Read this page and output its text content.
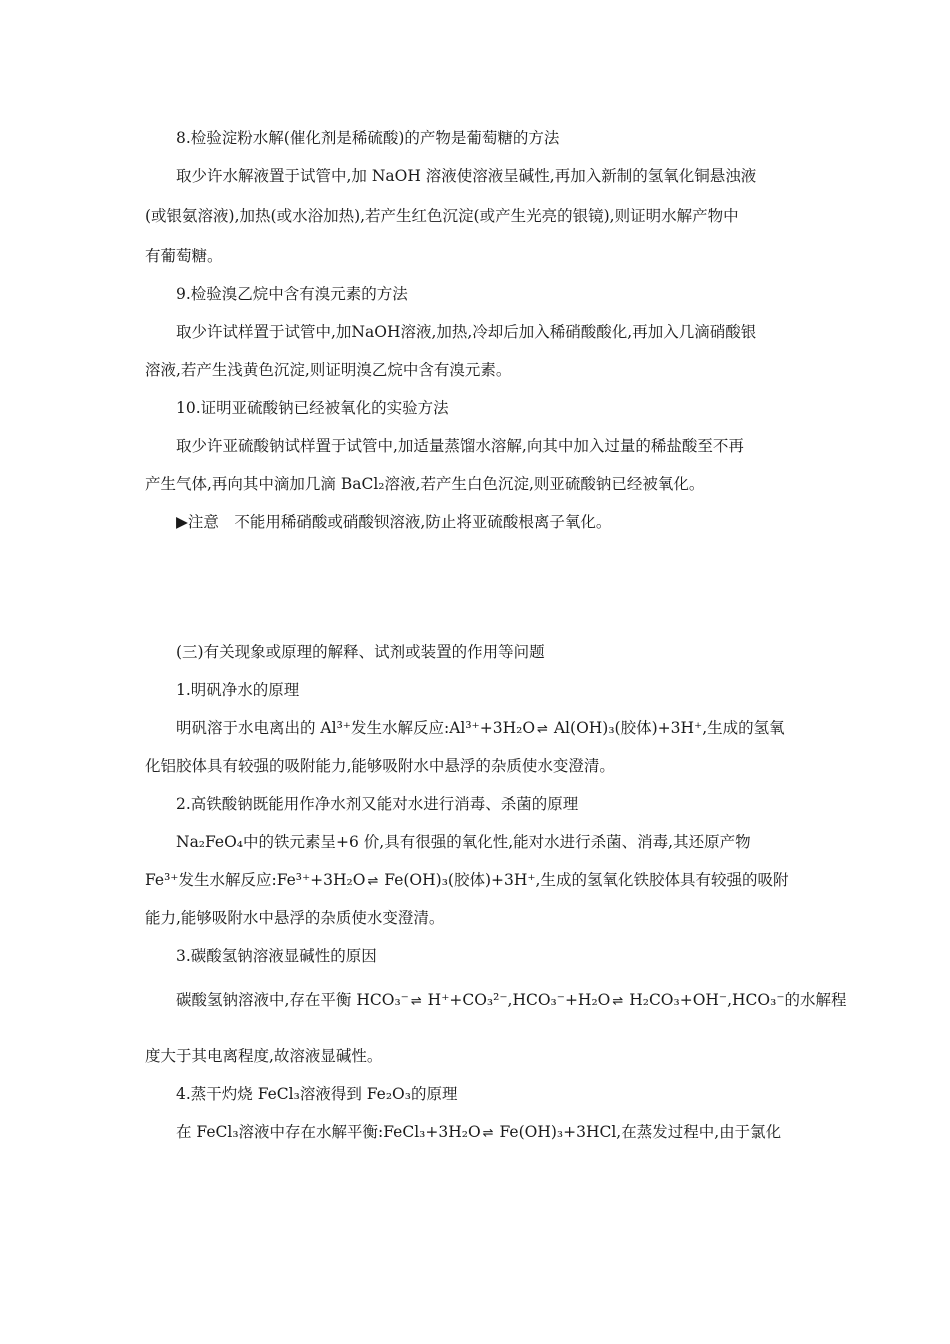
8.检验淀粉水解(催化剂是稀硫酸)的产物是葡萄糖的方法
取少许水解液置于试管中,加 NaOH 溶液使溶液呈碱性,再加入新制的氢氧化铜悬浊液
(或银氨溶液),加热(或水浴加热),若产生红色沉淀(或产生光亮的银镜),则证明水解产物中
有葡萄糖。
9.检验溴乙烷中含有溴元素的方法
取少许试样置于试管中,加NaOH溶液,加热,冷却后加入稀硝酸酸化,再加入几滴硝酸银
溶液,若产生浅黄色沉淀,则证明溴乙烷中含有溴元素。
10.证明亚硫酸钠已经被氧化的实验方法
取少许亚硫酸钠试样置于试管中,加适量蒸馏水溶解,向其中加入过量的稀盐酸至不再
产生气体,再向其中滴加几滴 BaCl₂溶液,若产生白色沉淀,则亚硫酸钠已经被氧化。
▶注意　不能用稀硝酸或硝酸钡溶液,防止将亚硫酸根离子氧化。
(三)有关现象或原理的解释、试剂或装置的作用等问题
1.明矾净水的原理
明矾溶于水电离出的 Al³⁺发生水解反应:Al³⁺+3H₂O ⇌ Al(OH)₃(胶体)+3H⁺,生成的氢氧
化铝胶体具有较强的吸附能力,能够吸附水中悬浮的杂质使水变澄清。
2.高铁酸钠既能用作净水剂又能对水进行消毒、杀菌的原理
Na₂FeO₄中的铁元素呈+6 价,具有很强的氧化性,能对水进行杀菌、消毒,其还原产物
Fe³⁺发生水解反应:Fe³⁺+3H₂O ⇌ Fe(OH)₃(胶体)+3H⁺,生成的氢氧化铁胶体具有较强的吸附
能力,能够吸附水中悬浮的杂质使水变澄清。
3.碳酸氢钠溶液显碱性的原因
碳酸氢钠溶液中,存在平衡 HCO₃⁻ ⇌ H⁺+CO₃²⁻,HCO₃⁻+H₂O ⇌ H₂CO₃+OH⁻,HCO₃⁻的水解程
度大于其电离程度,故溶液显碱性。
4.蒸干灼烧 FeCl₃溶液得到 Fe₂O₃的原理
在 FeCl₃溶液中存在水解平衡:FeCl₃+3H₂O ⇌ Fe(OH)₃+3HCl,在蒸发过程中,由于氯化
